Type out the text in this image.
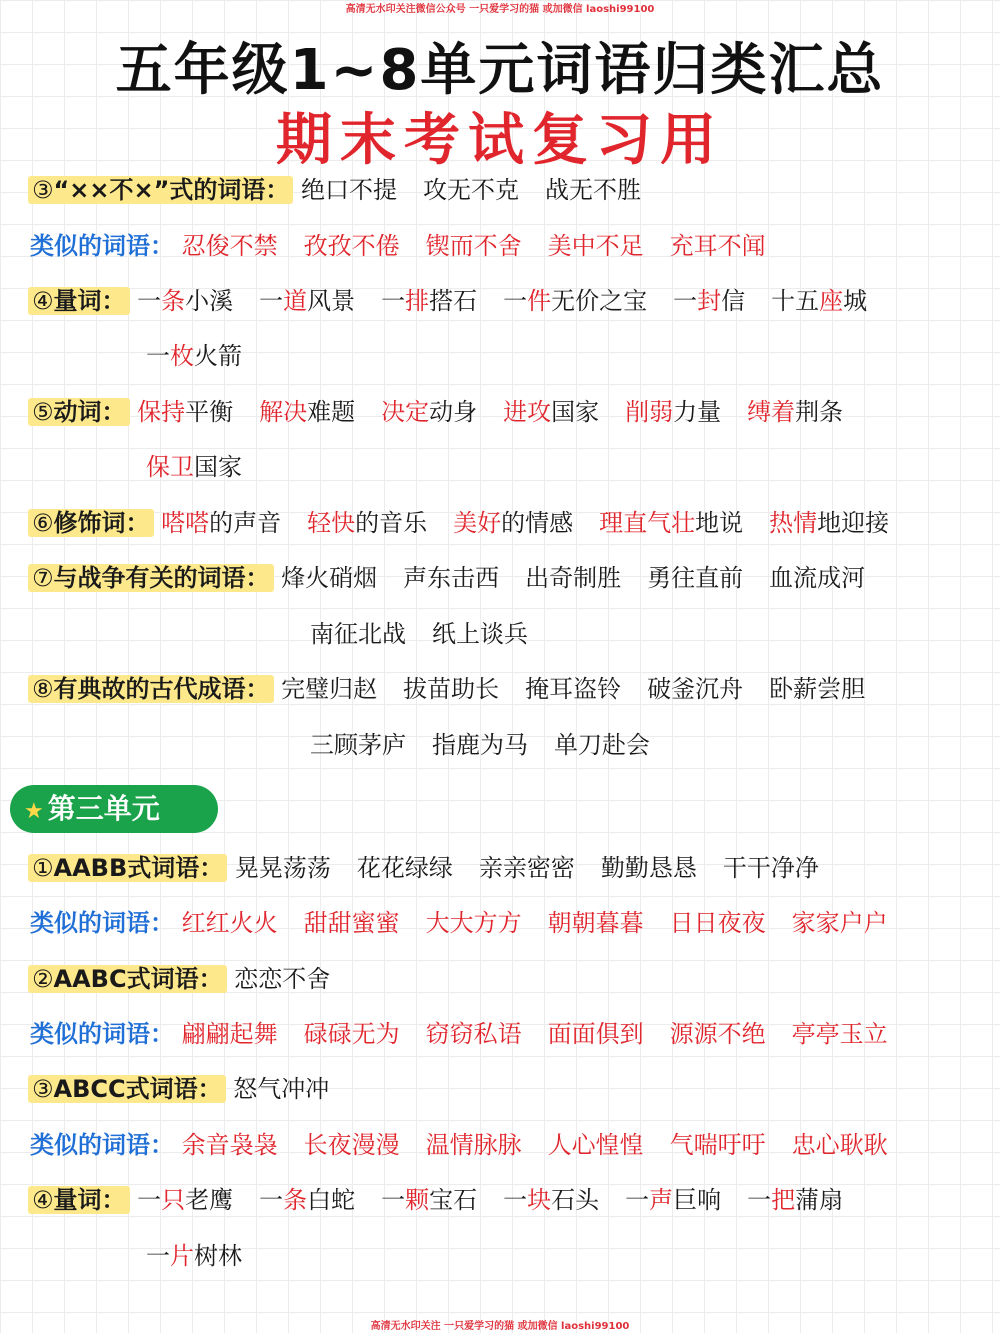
高清无水印关注微信公众号 一只爱学习的猫 或加微信 laoshi99100
五年级1~8单元词语归类汇总
期末考试复习用
③“××不×”式的词语： 绝口不提 攻无不克 战无不胜
类似的词语： 忍俊不禁 孜孜不倦 锲而不舍 美中不足 充耳不闻
④量词： 一条小溪 一道风景 一排搭石 一件无价之宝 一封信 十五座城
一枚火箭
⑤动词： 保持平衡 解决难题 决定动身 进攻国家 削弱力量 缚着荆条
保卫国家
⑥修饰词： 嗒嗒的声音 轻快的音乐 美好的情感 理直气壮地说 热情地迎接
⑦与战争有关的词语： 烽火硝烟 声东击西 出奇制胜 勇往直前 血流成河
南征北战 纸上谈兵
⑧有典故的古代成语： 完璧归赵 拔苗助长 掩耳盗铃 破釜沉舟 卧薪尝胆
三顾茅庐 指鹿为马 单刀赴会
①AABB式词语： 晃晃荡荡 花花绿绿 亲亲密密 勤勤恳恳 干干净净
类似的词语： 红红火火 甜甜蜜蜜 大大方方 朝朝暮暮 日日夜夜 家家户户
②AABC式词语： 恋恋不舍
类似的词语： 翩翩起舞 碌碌无为 窃窃私语 面面俱到 源源不绝 亭亭玉立
③ABCC式词语： 怒气冲冲
类似的词语： 余音袅袅 长夜漫漫 温情脉脉 人心惶惶 气喘吁吁 忠心耿耿
④量词： 一只老鹰 一条白蛇 一颗宝石 一块石头 一声巨响 一把蒲扇
一片树林
★ 第三单元
高清无水印关注 一只爱学习的猫 或加微信 laoshi99100
